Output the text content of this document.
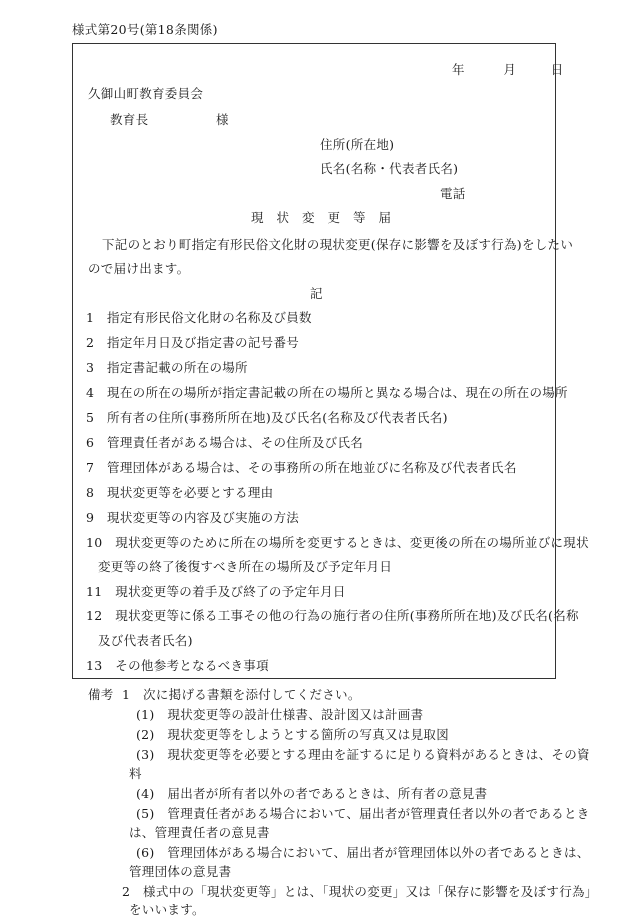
様式第20号(第18条関係)
年	月	日
久御山町教育委員会
教育長	様
住所(所在地)
氏名(名称・代表者氏名)
電話
現状変更等届
下記のとおり町指定有形民俗文化財の現状変更(保存に影響を及ぼす行為)をしたい
ので届け出ます。
記
1　指定有形民俗文化財の名称及び員数
2　指定年月日及び指定書の記号番号
3　指定書記載の所在の場所
4　現在の所在の場所が指定書記載の所在の場所と異なる場合は、現在の所在の場所
5　所有者の住所(事務所所在地)及び氏名(名称及び代表者氏名)
6　管理責任者がある場合は、その住所及び氏名
7　管理団体がある場合は、その事務所の所在地並びに名称及び代表者氏名
8　現状変更等を必要とする理由
9　現状変更等の内容及び実施の方法
10　現状変更等のために所在の場所を変更するときは、変更後の所在の場所並びに現状
変更等の終了後復すべき所在の場所及び予定年月日
11　現状変更等の着手及び終了の予定年月日
12　現状変更等に係る工事その他の行為の施行者の住所(事務所所在地)及び氏名(名称
及び代表者氏名)
13　その他参考となるべき事項
備考 1　次に掲げる書類を添付してください。
(1)　現状変更等の設計仕様書、設計図又は計画書
(2)　現状変更等をしようとする箇所の写真又は見取図
(3)　現状変更等を必要とする理由を証するに足りる資料があるときは、その資
料
(4)　届出者が所有者以外の者であるときは、所有者の意見書
(5)　管理責任者がある場合において、届出者が管理責任者以外の者であるとき
は、管理責任者の意見書
(6)　管理団体がある場合において、届出者が管理団体以外の者であるときは、
管理団体の意見書
2　様式中の「現状変更等」とは、「現状の変更」又は「保存に影響を及ぼす行為」
をいいます。
